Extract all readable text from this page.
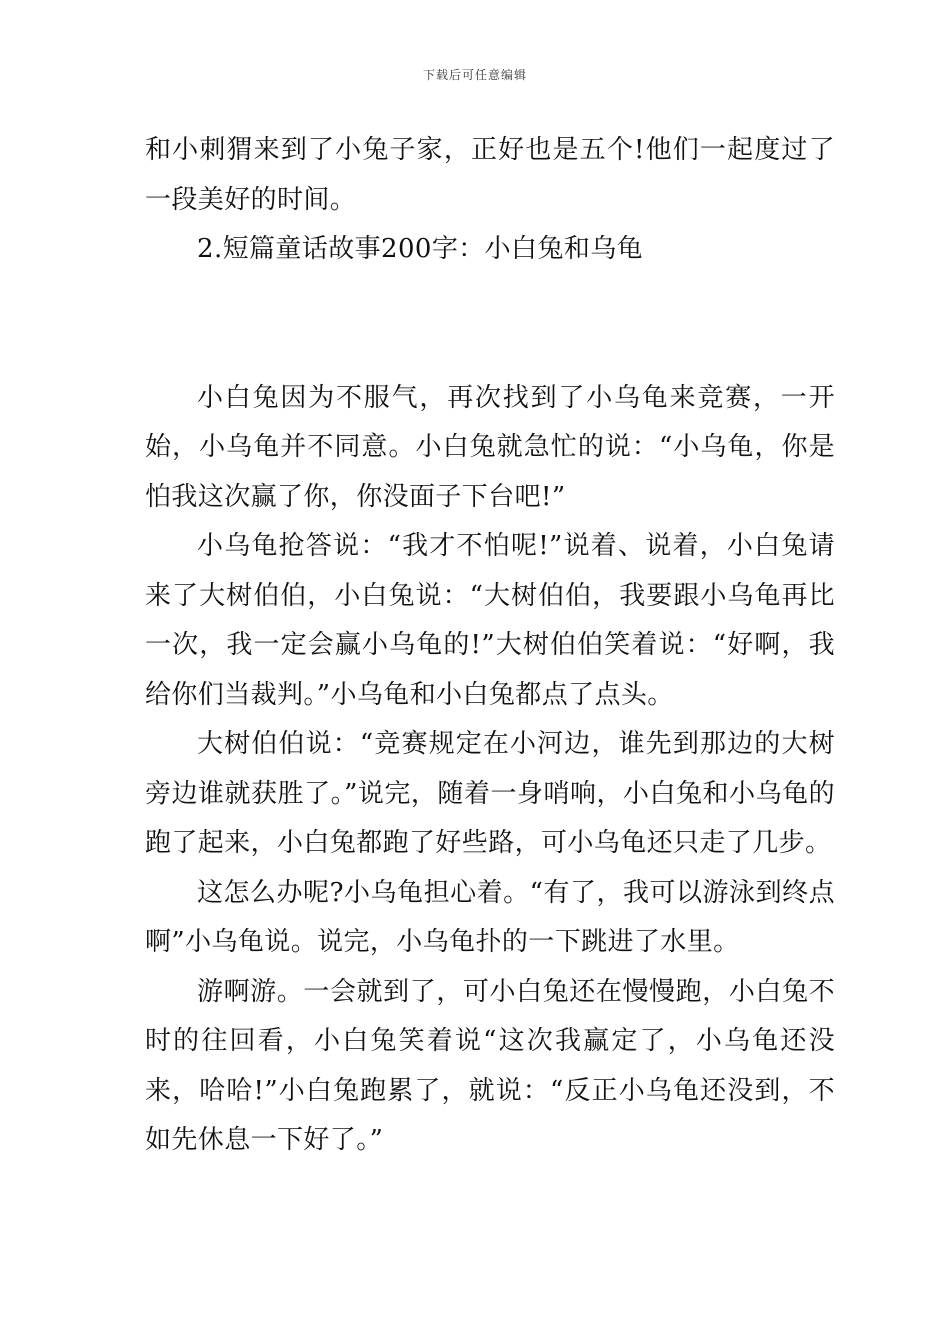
下载后可任意编辑

和小刺猬来到了小兔子家，正好也是五个!他们一起度过了一段美好的时间。

2.短篇童话故事200字：小白兔和乌龟

小白兔因为不服气，再次找到了小乌龟来竞赛，一开始，小乌龟并不同意。小白兔就急忙的说：“小乌龟，你是怕我这次赢了你，你没面子下台吧!”

小乌龟抢答说：“我才不怕呢!”说着、说着，小白兔请来了大树伯伯，小白兔说：“大树伯伯，我要跟小乌龟再比一次，我一定会赢小乌龟的!”大树伯伯笑着说：“好啊，我给你们当裁判。”小乌龟和小白兔都点了点头。

大树伯伯说：“竞赛规定在小河边，谁先到那边的大树旁边谁就获胜了。”说完，随着一身哨响，小白兔和小乌龟的跑了起来，小白兔都跑了好些路，可小乌龟还只走了几步。

这怎么办呢?小乌龟担心着。“有了，我可以游泳到终点啊”小乌龟说。说完，小乌龟扑的一下跳进了水里。

游啊游。一会就到了，可小白兔还在慢慢跑，小白兔不时的往回看，小白兔笑着说“这次我赢定了，小乌龟还没来，哈哈!”小白兔跑累了，就说：“反正小乌龟还没到，不如先休息一下好了。”
